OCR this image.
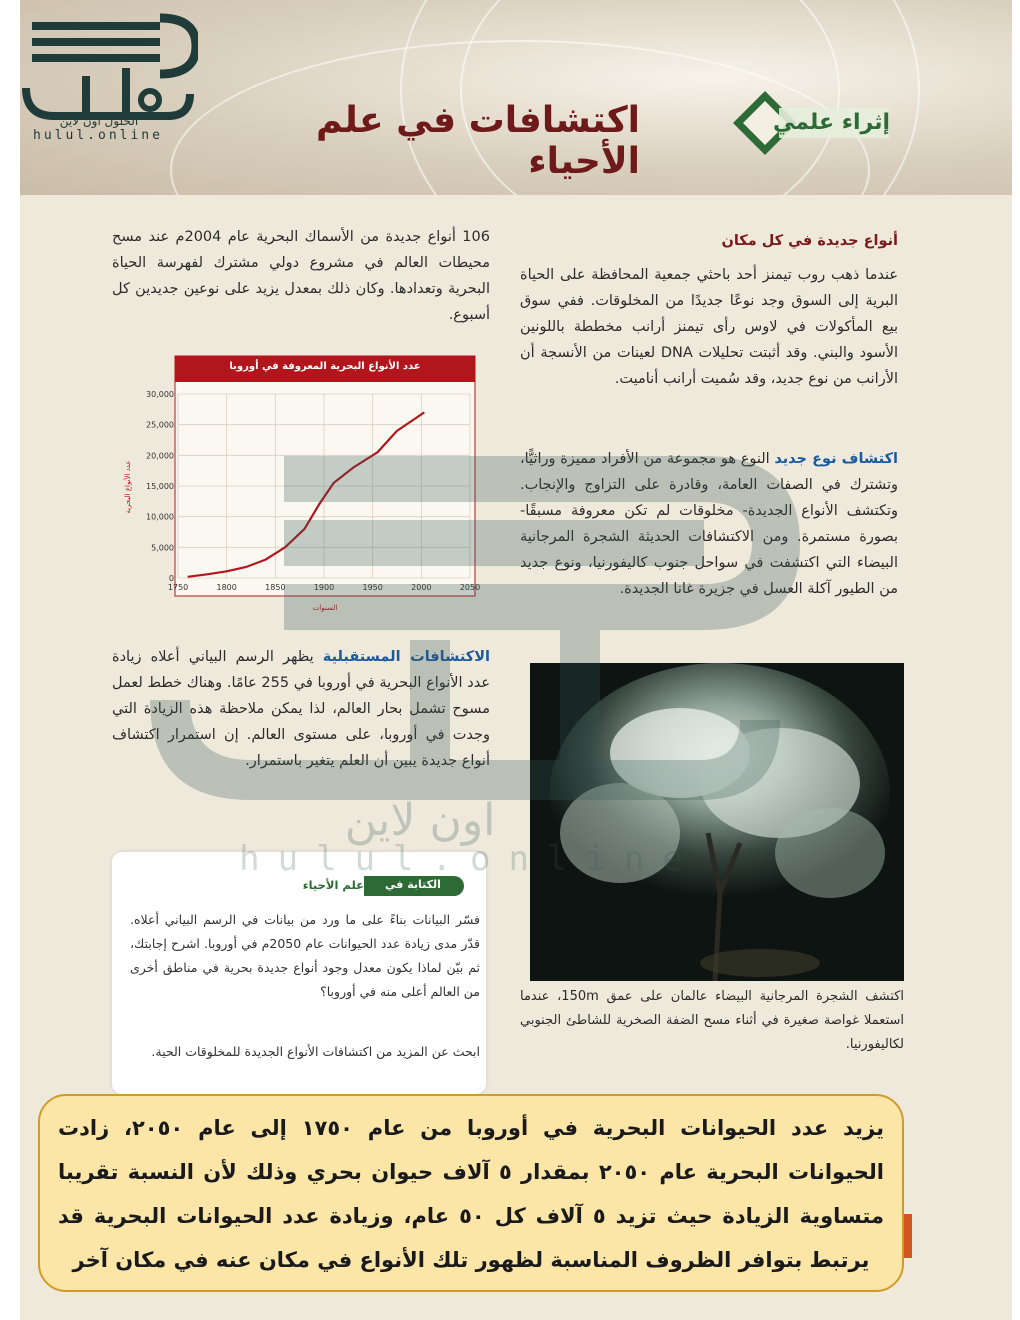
الحلول اون لاين
hulul.online
إثراء علمي
اكتشافات في علم الأحياء
أنواع جديدة في كل مكان
عندما ذهب روب تيمنز أحد باحثي جمعية المحافظة على الحياة البرية إلى السوق وجد نوعًا جديدًا من المخلوقات. ففي سوق بيع المأكولات في لاوس رأى تيمنز أرانب مخططة باللونين الأسود والبني. وقد أثبتت تحليلات DNA لعينات من الأنسجة أن الأرانب من نوع جديد، وقد سُميت أرانب أناميت.
اكتشاف نوع جديد النوع هو مجموعة من الأفراد مميزة وراثيًّا، وتشترك في الصفات العامة، وقادرة على التزاوج والإنجاب. وتكتشف الأنواع الجديدة- مخلوقات لم تكن معروفة مسبقًا- بصورة مستمرة. ومن الاكتشافات الحديثة الشجرة المرجانية البيضاء التي اكتشفت في سواحل جنوب كاليفورنيا، ونوع جديد من الطيور آكلة العسل في جزيرة غانا الجديدة.
106 أنواع جديدة من الأسماك البحرية عام 2004م عند مسح محيطات العالم في مشروع دولي مشترك لفهرسة الحياة البحرية وتعدادها. وكان ذلك بمعدل يزيد على نوعين جديدين كل أسبوع.
0
5,000
10,000
15,000
20,000
25,000
30,000
1750	1800	1850	1900	1950	2000	2050
السنوات
عدد الأنواع البحرية
عدد الأنواع البحرية المعروفة في أوروبا
الاكتشافات المستقبلية يظهر الرسم البياني أعلاه زيادة عدد الأنواع البحرية في أوروبا في 255 عامًا. وهناك خطط لعمل مسوح تشمل بحار العالم، لذا يمكن ملاحظة هذه الزيادة التي وجدت في أوروبا، على مستوى العالم. إن استمرار اكتشاف أنواع جديدة يبين أن العلم يتغير باستمرار.
اكتشف الشجرة المرجانية البيضاء عالمان على عمق 150m، عندما استعملا غواصة صغيرة في أثناء مسح الضفة الصخرية للشاطئ الجنوبي لكاليفورنيا.
الكتابة في
علم الأحياء
فسّر البيانات بناءً على ما ورد من بيانات في الرسم البياني أعلاه. قدّر مدى زيادة عدد الحيوانات عام 2050م في أوروبا. اشرح إجابتك، ثم بيّن لماذا يكون معدل وجود أنواع جديدة بحرية في مناطق أخرى من العالم أعلى منه في أوروبا؟
ابحث عن المزيد من اكتشافات الأنواع الجديدة للمخلوقات الحية.
اون لاين
hulul.online
يزيد عدد الحيوانات البحرية في أوروبا من عام ١٧٥٠ إلى عام ٢٠٥٠، زادت الحيوانات البحرية عام ٢٠٥٠ بمقدار ٥ آلاف حيوان بحري وذلك لأن النسبة تقريبا متساوية الزيادة حيث تزيد ٥ آلاف كل ٥٠ عام، وزيادة عدد الحيوانات البحرية قد يرتبط بتوافر الظروف المناسبة لظهور تلك الأنواع في مكان عنه في مكان آخر
